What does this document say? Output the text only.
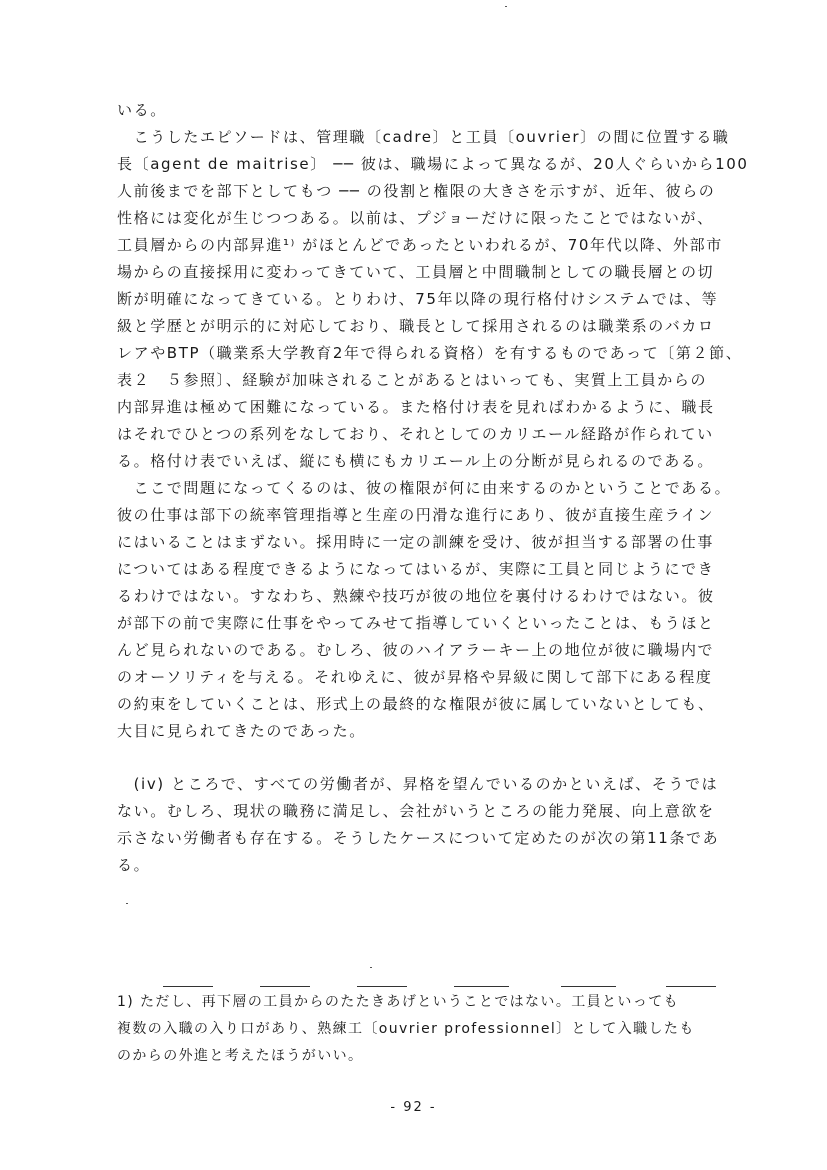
いる。
　こうしたエピソードは、管理職〔cadre〕と工員〔ouvrier〕の間に位置する職
長〔agent de maitrise〕 ── 彼は、職場によって異なるが、20人ぐらいから100
人前後までを部下としてもつ ── の役割と権限の大きさを示すが、近年、彼らの
性格には変化が生じつつある。以前は、プジョーだけに限ったことではないが、
工員層からの内部昇進¹⁾ がほとんどであったといわれるが、70年代以降、外部市
場からの直接採用に変わってきていて、工員層と中間職制としての職長層との切
断が明確になってきている。とりわけ、75年以降の現行格付けシステムでは、等
級と学歴とが明示的に対応しており、職長として採用されるのは職業系のバカロ
レアやBTP（職業系大学教育2年で得られる資格）を有するものであって〔第２節、
表２　５参照〕、経験が加味されることがあるとはいっても、実質上工員からの
内部昇進は極めて困難になっている。また格付け表を見ればわかるように、職長
はそれでひとつの系列をなしており、それとしてのカリエール経路が作られてい
る。格付け表でいえば、縦にも横にもカリエール上の分断が見られるのである。
　ここで問題になってくるのは、彼の権限が何に由来するのかということである。
彼の仕事は部下の統率管理指導と生産の円滑な進行にあり、彼が直接生産ライン
にはいることはまずない。採用時に一定の訓練を受け、彼が担当する部署の仕事
についてはある程度できるようになってはいるが、実際に工員と同じようにでき
るわけではない。すなわち、熟練や技巧が彼の地位を裏付けるわけではない。彼
が部下の前で実際に仕事をやってみせて指導していくといったことは、もうほと
んど見られないのである。むしろ、彼のハイアラーキー上の地位が彼に職場内で
のオーソリティを与える。それゆえに、彼が昇格や昇級に関して部下にある程度
の約束をしていくことは、形式上の最終的な権限が彼に属していないとしても、
大目に見られてきたのであった。
　(iv) ところで、すべての労働者が、昇格を望んでいるのかといえば、そうでは
ない。むしろ、現状の職務に満足し、会社がいうところの能力発展、向上意欲を
示さない労働者も存在する。そうしたケースについて定めたのが次の第11条であ
る。
1) ただし、再下層の工員からのたたきあげということではない。工員といっても
複数の入職の入り口があり、熟練工〔ouvrier professionnel〕として入職したも
のからの外進と考えたほうがいい。
- 92 -
